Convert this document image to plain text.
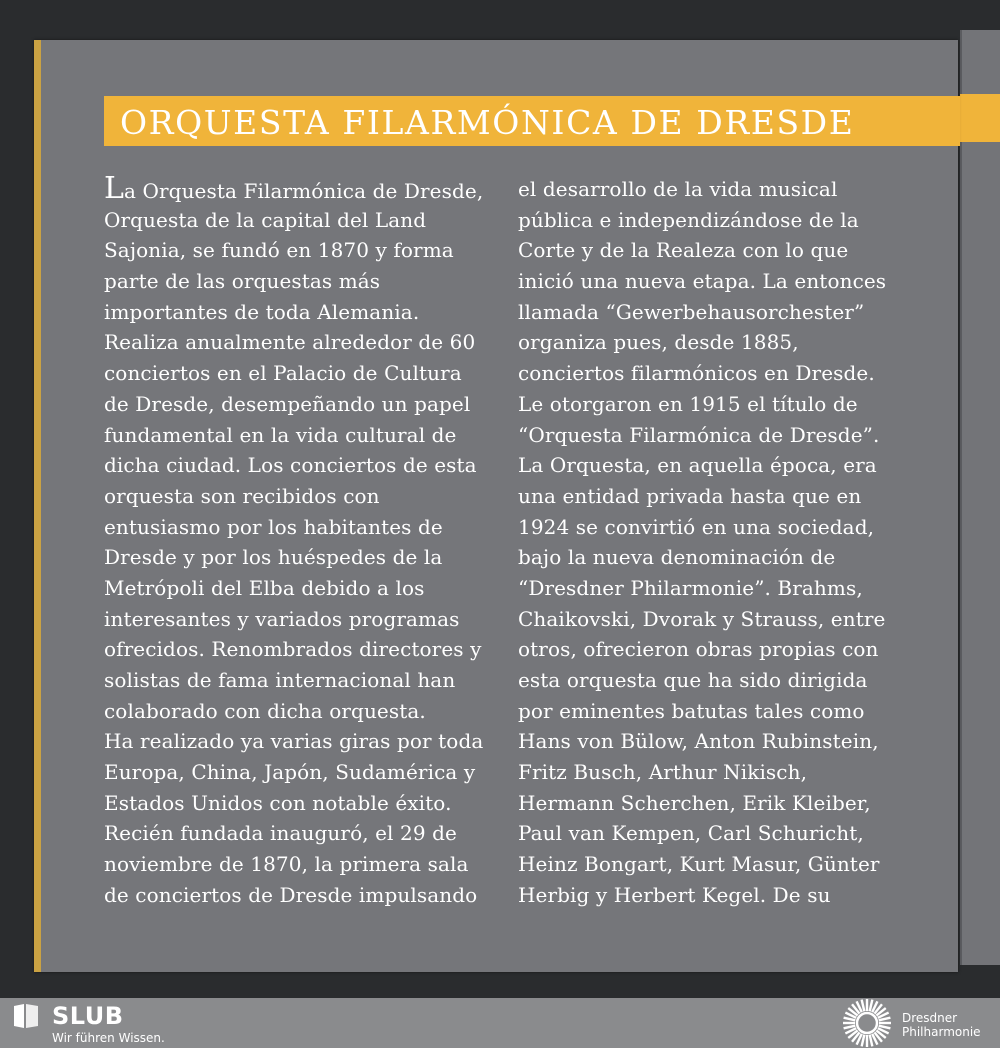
ORQUESTA FILARMÓNICA DE DRESDE
La Orquesta Filarmónica de Dresde,
Orquesta de la capital del Land
Sajonia, se fundó en 1870 y forma
parte de las orquestas más
importantes de toda Alemania.
Realiza anualmente alrededor de 60
conciertos en el Palacio de Cultura
de Dresde, desempeñando un papel
fundamental en la vida cultural de
dicha ciudad. Los conciertos de esta
orquesta son recibidos con
entusiasmo por los habitantes de
Dresde y por los huéspedes de la
Metrópoli del Elba debido a los
interesantes y variados programas
ofrecidos. Renombrados directores y
solistas de fama internacional han
colaborado con dicha orquesta.
Ha realizado ya varias giras por toda
Europa, China, Japón, Sudamérica y
Estados Unidos con notable éxito.
Recién fundada inauguró, el 29 de
noviembre de 1870, la primera sala
de conciertos de Dresde impulsando
el desarrollo de la vida musical
pública e independizándose de la
Corte y de la Realeza con lo que
inició una nueva etapa. La entonces
llamada “Gewerbehausorchester”
organiza pues, desde 1885,
conciertos filarmónicos en Dresde.
Le otorgaron en 1915 el título de
“Orquesta Filarmónica de Dresde”.
La Orquesta, en aquella época, era
una entidad privada hasta que en
1924 se convirtió en una sociedad,
bajo la nueva denominación de
“Dresdner Philarmonie”. Brahms,
Chaikovski, Dvorak y Strauss, entre
otros, ofrecieron obras propias con
esta orquesta que ha sido dirigida
por eminentes batutas tales como
Hans von Bülow, Anton Rubinstein,
Fritz Busch, Arthur Nikisch,
Hermann Scherchen, Erik Kleiber,
Paul van Kempen, Carl Schuricht,
Heinz Bongart, Kurt Masur, Günter
Herbig y Herbert Kegel. De su
SLUB
Wir führen Wissen.
Dresdner
Philharmonie
